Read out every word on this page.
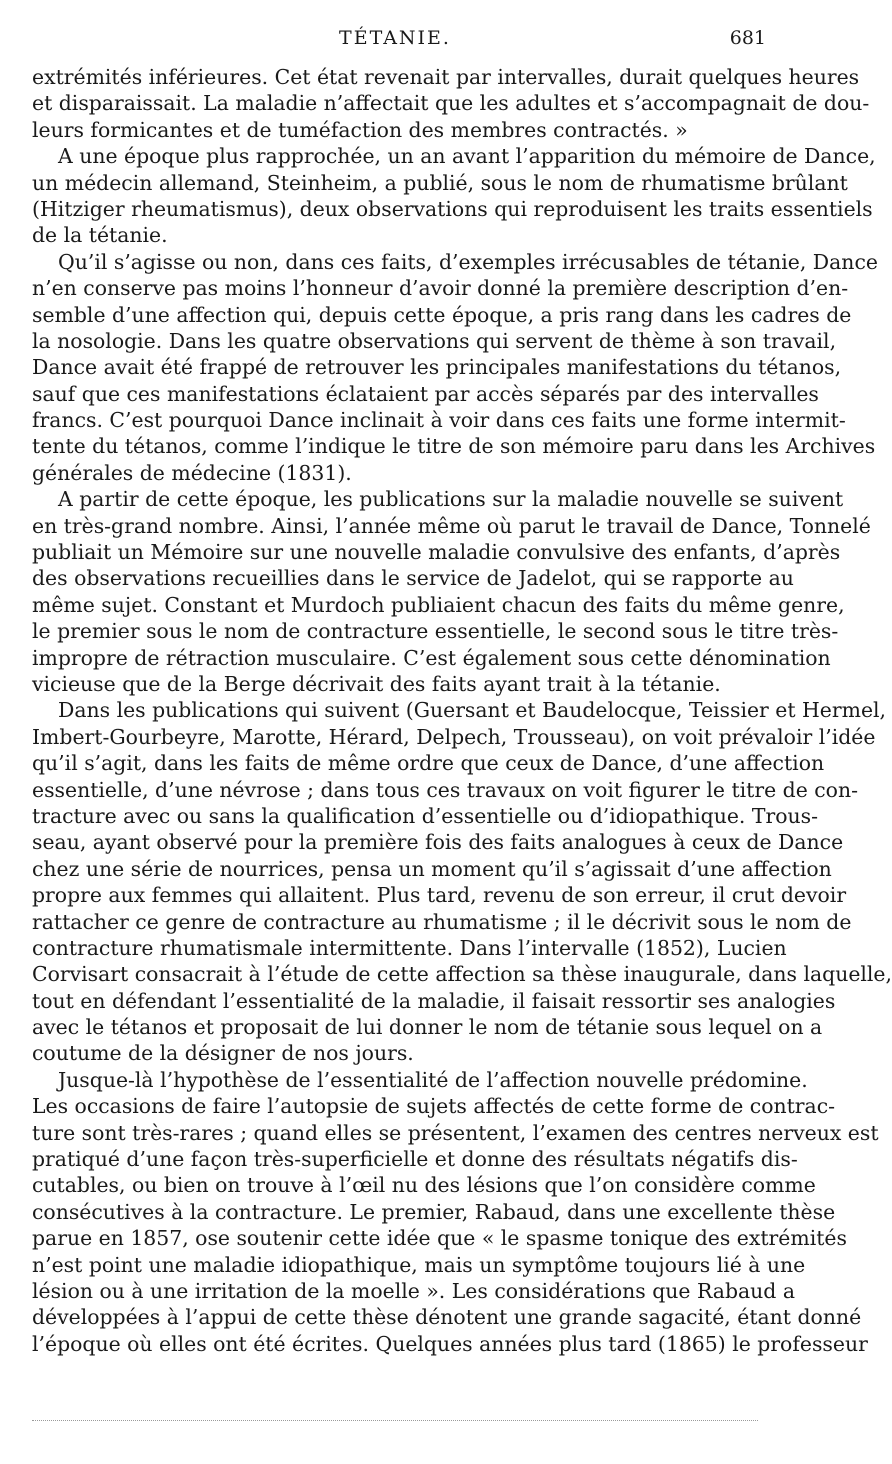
TÉTANIE.	681
extrémités inférieures. Cet état revenait par intervalles, durait quelques heures
et disparaissait. La maladie n’affectait que les adultes et s’accompagnait de dou-
leurs formicantes et de tuméfaction des membres contractés. »
A une époque plus rapprochée, un an avant l’apparition du mémoire de Dance,
un médecin allemand, Steinheim, a publié, sous le nom de rhumatisme brûlant
(Hitziger rheumatismus), deux observations qui reproduisent les traits essentiels
de la tétanie.
Qu’il s’agisse ou non, dans ces faits, d’exemples irrécusables de tétanie, Dance
n’en conserve pas moins l’honneur d’avoir donné la première description d’en-
semble d’une affection qui, depuis cette époque, a pris rang dans les cadres de
la nosologie. Dans les quatre observations qui servent de thème à son travail,
Dance avait été frappé de retrouver les principales manifestations du tétanos,
sauf que ces manifestations éclataient par accès séparés par des intervalles
francs. C’est pourquoi Dance inclinait à voir dans ces faits une forme intermit-
tente du tétanos, comme l’indique le titre de son mémoire paru dans les Archives
générales de médecine (1831).
A partir de cette époque, les publications sur la maladie nouvelle se suivent
en très-grand nombre. Ainsi, l’année même où parut le travail de Dance, Tonnelé
publiait un Mémoire sur une nouvelle maladie convulsive des enfants, d’après
des observations recueillies dans le service de Jadelot, qui se rapporte au
même sujet. Constant et Murdoch publiaient chacun des faits du même genre,
le premier sous le nom de contracture essentielle, le second sous le titre très-
impropre de rétraction musculaire. C’est également sous cette dénomination
vicieuse que de la Berge décrivait des faits ayant trait à la tétanie.
Dans les publications qui suivent (Guersant et Baudelocque, Teissier et Hermel,
Imbert-Gourbeyre, Marotte, Hérard, Delpech, Trousseau), on voit prévaloir l’idée
qu’il s’agit, dans les faits de même ordre que ceux de Dance, d’une affection
essentielle, d’une névrose ; dans tous ces travaux on voit figurer le titre de con-
tracture avec ou sans la qualification d’essentielle ou d’idiopathique. Trous-
seau, ayant observé pour la première fois des faits analogues à ceux de Dance
chez une série de nourrices, pensa un moment qu’il s’agissait d’une affection
propre aux femmes qui allaitent. Plus tard, revenu de son erreur, il crut devoir
rattacher ce genre de contracture au rhumatisme ; il le décrivit sous le nom de
contracture rhumatismale intermittente. Dans l’intervalle (1852), Lucien
Corvisart consacrait à l’étude de cette affection sa thèse inaugurale, dans laquelle,
tout en défendant l’essentialité de la maladie, il faisait ressortir ses analogies
avec le tétanos et proposait de lui donner le nom de tétanie sous lequel on a
coutume de la désigner de nos jours.
Jusque-là l’hypothèse de l’essentialité de l’affection nouvelle prédomine.
Les occasions de faire l’autopsie de sujets affectés de cette forme de contrac-
ture sont très-rares ; quand elles se présentent, l’examen des centres nerveux est
pratiqué d’une façon très-superficielle et donne des résultats négatifs dis-
cutables, ou bien on trouve à l’œil nu des lésions que l’on considère comme
consécutives à la contracture. Le premier, Rabaud, dans une excellente thèse
parue en 1857, ose soutenir cette idée que « le spasme tonique des extrémités
n’est point une maladie idiopathique, mais un symptôme toujours lié à une
lésion ou à une irritation de la moelle ». Les considérations que Rabaud a
développées à l’appui de cette thèse dénotent une grande sagacité, étant donné
l’époque où elles ont été écrites. Quelques années plus tard (1865) le professeur
